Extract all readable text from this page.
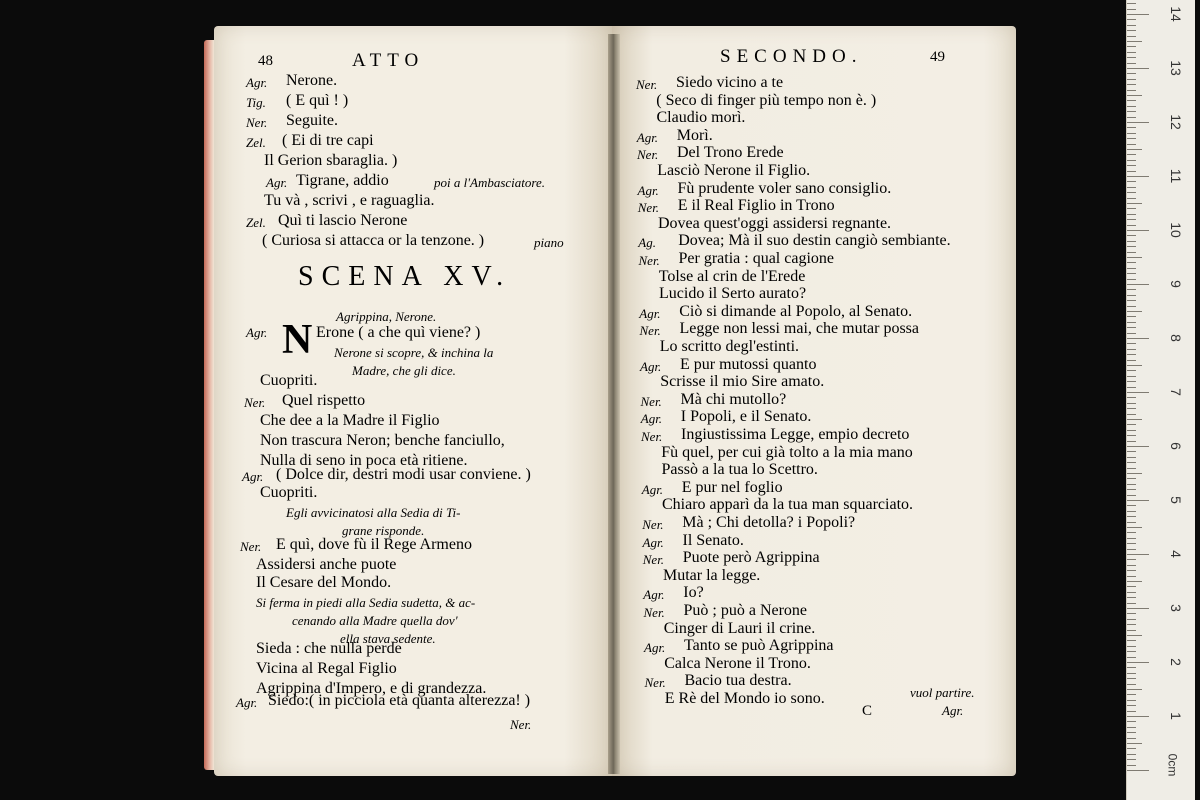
48	ATTO
Agr. Nerone.
Tig. ( E quì ! )
Ner. Seguite.
Zel. ( Ei di tre capi
Il Gerion sbaraglia. )
Agr. Tigrane, addio	poi a l'Ambasciatore.
Tu và , scrivi , e raguaglia.
Zel. Quì ti lascio Nerone
( Curiosa si attacca or la tenzone. )	piano
SCENA XV.
Agrippina, Nerone.
Agr. N Erone ( a che quì viene? )
Nerone si scopre, & inchina la
Madre, che gli dice.
Cuopriti.
Ner. Quel rispetto
Che dee a la Madre il Figlio
Non trascura Neron; benche fanciullo,
Nulla di seno in poca età ritiene.
Agr. ( Dolce dir, destri modi usar conviene. )
Cuopriti.
Egli avvicinatosi alla Sedia di Ti-
grane risponde.
Ner. E quì, dove fù il Rege Armeno
Assidersi anche puote
Il Cesare del Mondo.
Si ferma in piedi alla Sedia sudetta, & ac-
cenando alla Madre quella dov'
ella stava sedente.
Sieda : che nulla perde
Vicina al Regal Figlio
Agrippina d'Impero, e di grandezza.
Agr. Siedo:( in picciola età quanta alterezza! )
Ner.
SECONDO.	49
Ner. Siedo vicino a te
( Seco di finger più tempo non è. )
Claudio morì.
Agr. Morì.
Ner. Del Trono Erede
Lasciò Nerone il Figlio.
Agr. Fù prudente voler sano consiglio.
Ner. E il Real Figlio in Trono
Dovea quest'oggi assidersi regnante.
Ag. Dovea; Mà il suo destin cangiò sembiante.
Ner. Per gratia : qual cagione
Tolse al crin de l'Erede
Lucido il Serto aurato?
Agr. Ciò si dimande al Popolo, al Senato.
Ner. Legge non lessi mai, che mutar possa
Lo scritto degl'estinti.
Agr. E pur mutossi quanto
Scrisse il mio Sire amato.
Ner. Mà chi mutollo?
Agr. I Popoli, e il Senato.
Ner. Ingiustissima Legge, empio decreto
Fù quel, per cui già tolto a la mia mano
Passò a la tua lo Scettro.
Agr. E pur nel foglio
Chiaro apparì da la tua man squarciato.
Ner. Mà ; Chi detolla? i Popoli?
Agr. Il Senato.
Ner. Puote però Agrippina
Mutar la legge.
Agr. Io?
Ner. Può ; può a Nerone
Cinger di Lauri il crine.
Agr. Tanto se può Agrippina
Calca Nerone il Trono.
Ner. Bacio tua destra.
E Rè del Mondo io sono.	vuol partire.
C	Agr.
0cm
1
2
3
4
5
6
7
8
9
10
11
12
13
14
